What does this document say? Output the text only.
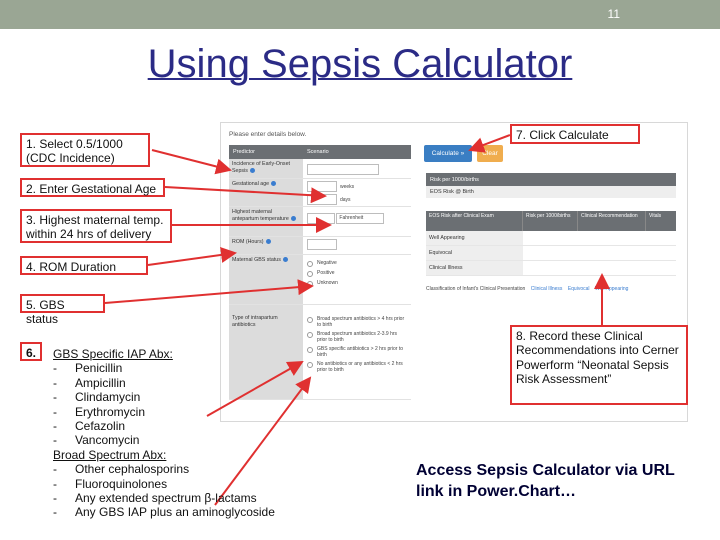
11
Using Sepsis Calculator
Please enter details below.
Predictor	Scenario
Incidence of Early-Onset Sepsis
Gestational age	weeks
days
Highest maternal antepartum temperature	Fahrenheit
ROM (Hours)
Maternal GBS status	Negative
Positive
Unknown
Type of intrapartum antibiotics
Broad spectrum antibiotics > 4 hrs prior to birth
Broad spectrum antibiotics 2-3.9 hrs prior to birth
GBS specific antibiotics > 2 hrs prior to birth
No antibiotics or any antibiotics < 2 hrs prior to birth
Calculate »	Clear
Risk per 1000/births
EOS Risk @ Birth
EOS Risk after Clinical Exam	Risk per 1000/births	Clinical Recommendation	Vitals
Well Appearing
Equivocal
Clinical Illness
Classification of Infant's Clinical Presentation Clinical Illness Equivocal Well Appearing
1. Select 0.5/1000 (CDC Incidence)
2. Enter Gestational Age
3. Highest maternal temp. within 24 hrs of delivery
4. ROM Duration
5. GBS status
6.
7. Click Calculate
8. Record these Clinical Recommendations into Cerner Powerform “Neonatal Sepsis Risk Assessment”
GBS Specific IAP Abx:
- Penicillin
- Ampicillin
- Clindamycin
- Erythromycin
- Cefazolin
- Vancomycin
Broad Spectrum Abx:
- Other cephalosporins
- Fluoroquinolones
- Any extended spectrum β-lactams
- Any GBS IAP plus an aminoglycoside
Access Sepsis Calculator via URL link in Power.Chart…
